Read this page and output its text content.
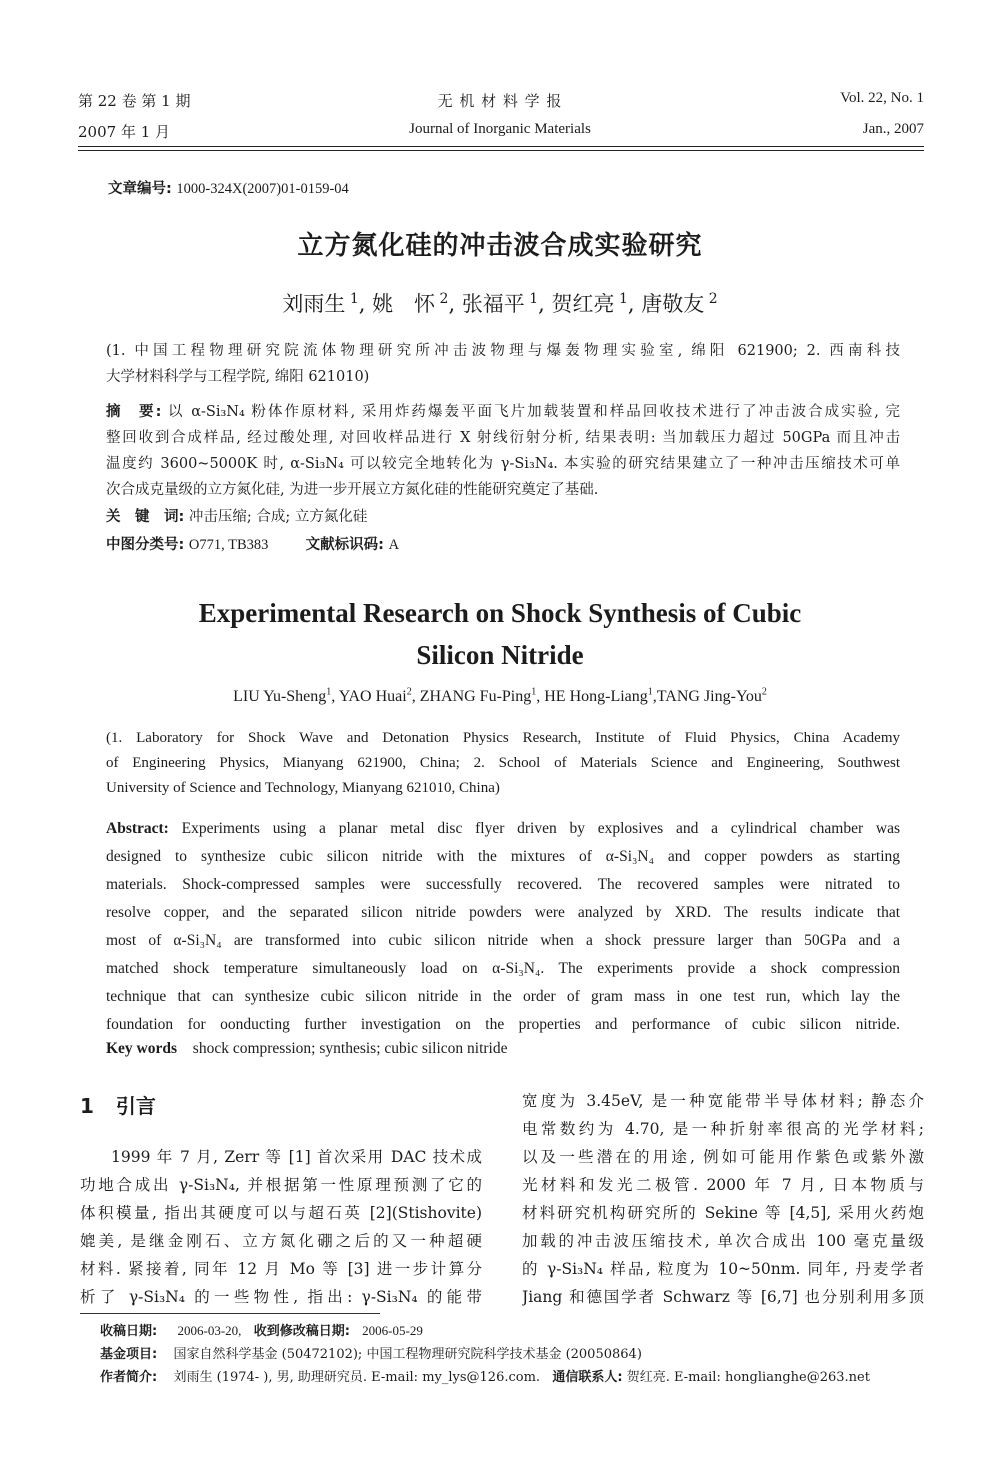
第 22 卷 第 1 期
2007 年 1 月
无 机 材 料 学 报
Journal of Inorganic Materials
Vol. 22, No. 1
Jan., 2007
文章编号: 1000-324X(2007)01-0159-04
立方氮化硅的冲击波合成实验研究
刘雨生 $^1$, 姚　怀 $^2$, 张福平 $^1$, 贺红亮 $^1$, 唐敬友 $^2$
(1. 中国工程物理研究院流体物理研究所冲击波物理与爆轰物理实验室, 绵阳 621900; 2. 西南科技
大学材料科学与工程学院, 绵阳 621010)
摘　要: 以 α-Si₃N₄ 粉体作原材料, 采用炸药爆轰平面飞片加载装置和样品回收技术进行了冲击波合成实验, 完
整回收到合成样品, 经过酸处理, 对回收样品进行 X 射线衍射分析, 结果表明: 当加载压力超过 50GPa 而且冲击
温度约 3600~5000K 时, α-Si₃N₄ 可以较完全地转化为 γ-Si₃N₄. 本实验的研究结果建立了一种冲击压缩技术可单
次合成克量级的立方氮化硅, 为进一步开展立方氮化硅的性能研究奠定了基础.
关　键　词: 冲击压缩; 合成; 立方氮化硅
中图分类号: O771, TB383	文献标识码: A
Experimental Research on Shock Synthesis of Cubic
Silicon Nitride
LIU Yu-Sheng$^1$, YAO Huai$^2$, ZHANG Fu-Ping$^1$, HE Hong-Liang$^1$,TANG Jing-You$^2$
(1. Laboratory for Shock Wave and Detonation Physics Research, Institute of Fluid Physics, China Academy
of Engineering Physics, Mianyang 621900, China; 2. School of Materials Science and Engineering, Southwest
University of Science and Technology, Mianyang 621010, China)
Abstract: Experiments using a planar metal disc flyer driven by explosives and a cylindrical chamber was
designed to synthesize cubic silicon nitride with the mixtures of α-Si₃N₄ and copper powders as starting
materials. Shock-compressed samples were successfully recovered. The recovered samples were nitrated to
resolve copper, and the separated silicon nitride powders were analyzed by XRD. The results indicate that
most of α-Si₃N₄ are transformed into cubic silicon nitride when a shock pressure larger than 50GPa and a
matched shock temperature simultaneously load on α-Si₃N₄. The experiments provide a shock compression
technique that can synthesize cubic silicon nitride in the order of gram mass in one test run, which lay the
foundation for oonducting further investigation on the properties and performance of cubic silicon nitride.
Key words shock compression; synthesis; cubic silicon nitride
1 引言
1999 年 7 月, Zerr 等 [1] 首次采用 DAC 技术成
功地合成出 γ-Si₃N₄, 并根据第一性原理预测了它的
体积模量, 指出其硬度可以与超石英 [2](Stishovite)
媲美, 是继金刚石、立方氮化硼之后的又一种超硬
材料. 紧接着, 同年 12 月 Mo 等 [3] 进一步计算分
析了 γ-Si₃N₄ 的一些物性, 指出: γ-Si₃N₄ 的能带
宽度为 3.45eV, 是一种宽能带半导体材料; 静态介
电常数约为 4.70, 是一种折射率很高的光学材料;
以及一些潜在的用途, 例如可能用作紫色或紫外激
光材料和发光二极管. 2000 年 7 月, 日本物质与
材料研究机构研究所的 Sekine 等 [4,5], 采用火药炮
加载的冲击波压缩技术, 单次合成出 100 毫克量级
的 γ-Si₃N₄ 样品, 粒度为 10~50nm. 同年, 丹麦学者
Jiang 和德国学者 Schwarz 等 [6,7] 也分别利用多顶
收稿日期: 2006-03-20, 收到修改稿日期: 2006-05-29
基金项目: 国家自然科学基金 (50472102); 中国工程物理研究院科学技术基金 (20050864)
作者简介: 刘雨生 (1974- ), 男, 助理研究员. E-mail: my_lys@126.com. 通信联系人: 贺红亮. E-mail: honglianghe@263.net
